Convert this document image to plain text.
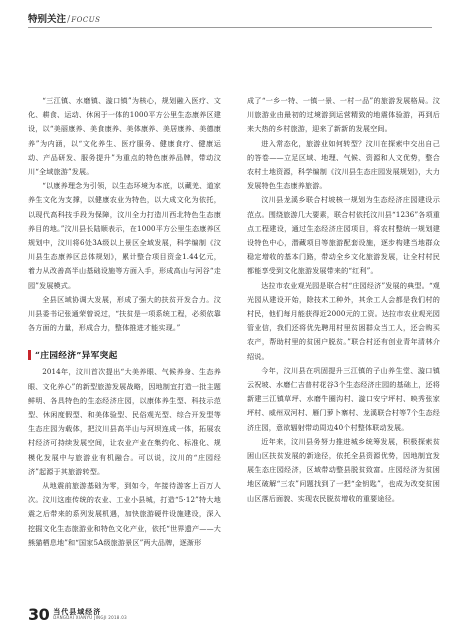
特别关注/FOCUS

“三江镇、水磨镇、漩口镇”为核心，规划融入医疗、文化、耕食、运动、休闲于一体的1000平方公里生态康养区建设，以“美丽康养、美食康养、美体康养、美居康养、美德康养”为内涵，以“文化养生、医疗服务、健康食疗、健康运动、产品研发、服务提升”为重点的特色康养品牌，带动汶川“全域旅游”发展。

“以康养理念为引领，以生态环境为本底，以藏羌、道家养生文化为支撑，以健康农业为特色，以大成文化为依托，以现代高科技手段为保障，汶川全力打造川西北特色生态康养目的地。”汶川县长陆顺表示，在1000平方公里生态康养区规划中，汶川将6处3A级以上景区全域发展，科学编制《汶川县生态康养区总体规划》，累计整合项目资金1.44亿元，着力从改善高半山基础设施等方面入手，形成高山与河谷“走园”发展模式。

全县区域协调大发展，形成了强大的扶贫开发合力。汶川县委书记张通荣曾说过，“扶贫是一项系统工程，必须依靠各方面的力量，形成合力，整体推进才能实现。”

“庄园经济”异军突起

2014年，汶川首次提出“大美养眼、气候养身、生态养眼、文化养心”的新型旅游发展战略，因地制宜打造一批主题鲜明、各具特色的生态经济庄园，以康体养生型、科技示范型、休闲度假型、和美体验型、民俗观光型、综合开发型等生态庄园为载体，把汶川县高半山与河坝连成一体，拓展农村经济可持续发展空间，让农业产业在集约化、标准化、规模化发展中与旅游业有机融合。可以说，汶川的“庄园经济”起源于其旅游转型。

从地震前旅游基础为零，到如今，年接待游客上百万人次。汶川这座传统的农业、工业小县城，打造“5·12”特大地震之后带来的系列发展机遇，加快旅游硬件设施建设，深入挖掘文化生态旅游业和特色文化产业，依托“世界遗产——大熊猫栖息地”和“国家5A级旅游景区”两大品牌，逐渐形

成了“一乡一特、一镇一景、一村一品”的旅游发展格局。汶川旅游业由最初的过境游到运营精致的地震体验游，再到后来大热的乡村旅游，迎来了新新的发展空间。

进入常态化，旅游业如何转型？汶川在探索中交出自己的答卷——立足区域、地理、气候、资源和人文优势，整合农村土地资源，科学编制《汶川县生态庄园发展规划》，大力发展特色生态康养旅游。

汶川县龙溪乡联合村坡核一规划为生态经济庄园建设示范点。围绕旅游几大要素，联合村依托汶川县“1236”各项重点工程建设，通过生态经济庄园项目，将农村整统一规划建设特色中心，潜藏项目等旅游配套设施，逐步构建当地群众稳定增收的基本门路，带动全乡文化旅游发展，让全村村民都能享受到文化旅游发展带来的“红利”。

达拉市农业观光园是联合村“庄园经济”发展的典型。“观光园从建设开始，除技术工种外，其余工人会都是我们村的村民，他们每月能获得近2000元的工资。达拉市农业观光园管业信，我们还将优先聘用村里贫困群众当工人，还会购买农产，帮助村里的贫困户脱贫。”联合村还有创业青年清林介绍说。

今年，汶川县在巩固提升三江镇的子山养生堂、漩口镇云祝坡、水磨仁吉普村花谷3个生态经济庄园的基础上，还将新建三江镇草坪、水磨牛圈沟村、漩口安宁坪村、映秀张家坪村、威州双河村、雁门萝卜寨村、龙溪联合村等7个生态经济庄园，意欲辐射带动周边40个村整体联动发展。

近年来，汶川县务努力推进城乡统筹发展，积极探索贫困山区扶贫发展的新途径，依托全县资源优势，因地制宜发展生态庄园经济，区域带动整县脱贫致富。庄园经济为贫困地区破解“三农”问题找到了一把“金钥匙”，也成为改变贫困山区落后面貌、实现农民脱贫增收的重要途径。

30 当代县域经济
DANGDAI XIANYU JINGJI 2018.03
